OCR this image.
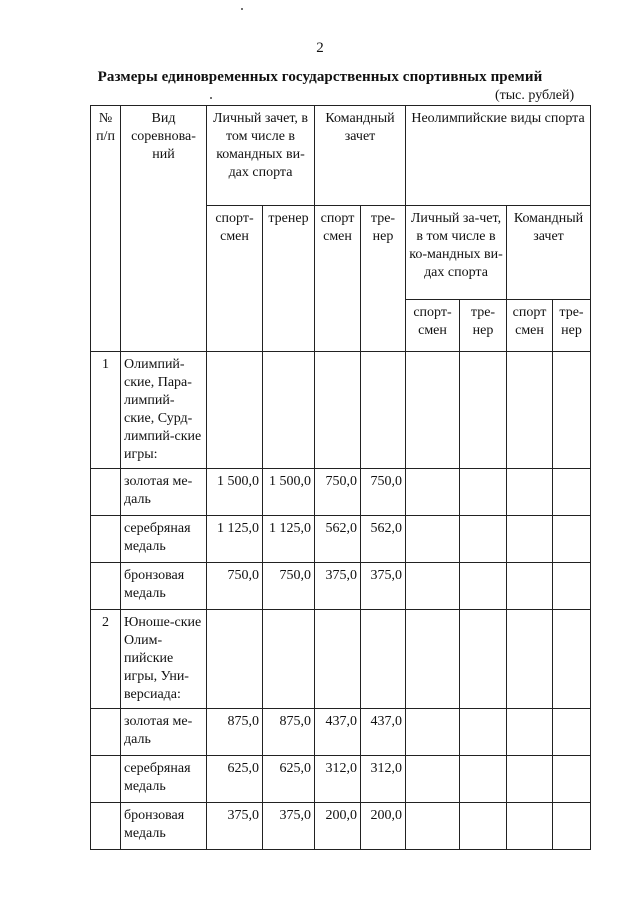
2
Размеры единовременных государственных спортивных премий
(тыс. рублей)
№ п/п	Вид соревнова-ний	Личный зачет, в том числе в командных ви-дах спорта		Командный зачет		Неолимпийские виды спорта			
		спорт-смен	тренер	спорт смен	тре-нер	Личный за-чет, в том числе в ко-мандных ви-дах спорта		Командный зачет	
						спорт-смен	тре-нер	спорт смен	тре-нер
1	Олимпий-ские, Пара-лимпий-ские, Сурд-лимпий-ские игры:								
	золотая ме-даль	1 500,0	1 500,0	750,0	750,0				
	серебряная медаль	1 125,0	1 125,0	562,0	562,0				
	бронзовая медаль	750,0	750,0	375,0	375,0				
2	Юноше-ские Олим-пийские игры, Уни-версиада:								
	золотая ме-даль	875,0	875,0	437,0	437,0				
	серебряная медаль	625,0	625,0	312,0	312,0				
	бронзовая медаль	375,0	375,0	200,0	200,0				
